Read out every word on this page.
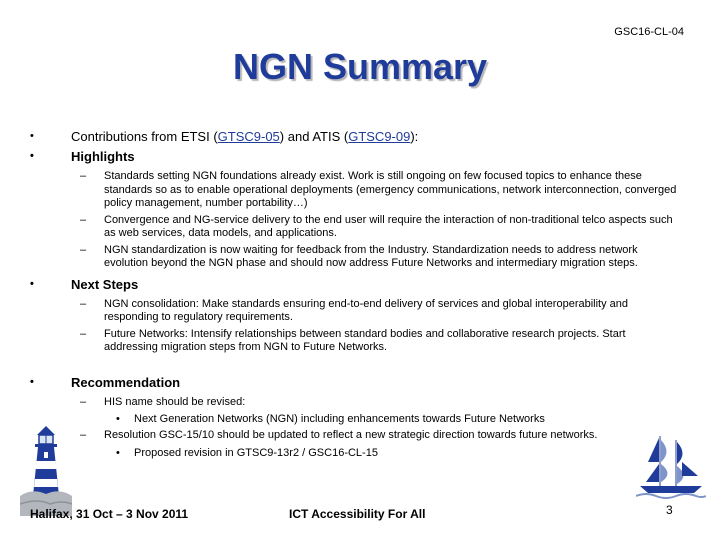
GSC16-CL-04
NGN Summary
•	Contributions from ETSI (GTSC9-05) and ATIS (GTSC9-09):
•	Highlights
– Standards setting NGN foundations already exist. Work is still ongoing on few focused topics to enhance these standards so as to enable operational deployments (emergency communications, network interconnection, converged policy management, number portability…)
– Convergence and NG-service delivery to the end user will require the interaction of non-traditional telco aspects such as web services, data models, and applications.
– NGN standardization is now waiting for feedback from the Industry. Standardization needs to address network evolution beyond the NGN phase and should now address Future Networks and intermediary migration steps.
•	Next Steps
– NGN consolidation: Make standards ensuring end-to-end delivery of services and global interoperability and responding to regulatory requirements.
– Future Networks: Intensify relationships between standard bodies and collaborative research projects. Start addressing migration steps from NGN to Future Networks.
•	Recommendation
– HIS name should be revised:
• Next Generation Networks (NGN) including enhancements towards Future Networks
– Resolution GSC-15/10 should be updated to reflect a new strategic direction towards future networks.
• Proposed revision in GTSC9-13r2 / GSC16-CL-15
Halifax, 31 Oct – 3 Nov 2011	ICT Accessibility For All	3
